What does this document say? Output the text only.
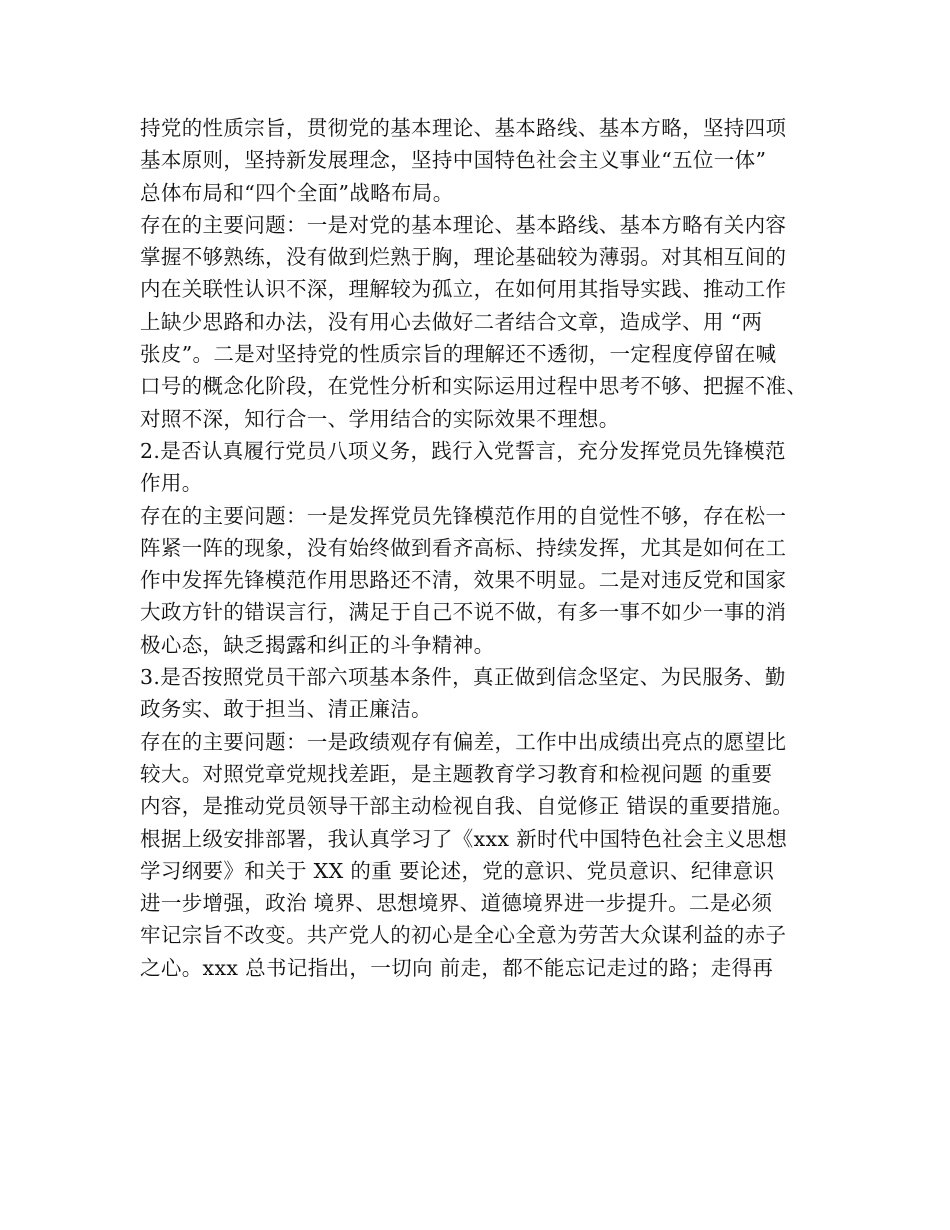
持党的性质宗旨，贯彻党的基本理论、基本路线、基本方略，坚持四项
基本原则，坚持新发展理念，坚持中国特色社会主义事业“五位一体”
总体布局和“四个全面”战略布局。
存在的主要问题：一是对党的基本理论、基本路线、基本方略有关内容
掌握不够熟练，没有做到烂熟于胸，理论基础较为薄弱。对其相互间的
内在关联性认识不深，理解较为孤立，在如何用其指导实践、推动工作
上缺少思路和办法，没有用心去做好二者结合文章，造成学、用 “两
张皮”。二是对坚持党的性质宗旨的理解还不透彻，一定程度停留在喊
口号的概念化阶段，在党性分析和实际运用过程中思考不够、把握不准、
对照不深，知行合一、学用结合的实际效果不理想。
2.是否认真履行党员八项义务，践行入党誓言，充分发挥党员先锋模范
作用。
存在的主要问题：一是发挥党员先锋模范作用的自觉性不够，存在松一
阵紧一阵的现象，没有始终做到看齐高标、持续发挥，尤其是如何在工
作中发挥先锋模范作用思路还不清，效果不明显。二是对违反党和国家
大政方针的错误言行，满足于自己不说不做，有多一事不如少一事的消
极心态，缺乏揭露和纠正的斗争精神。
3.是否按照党员干部六项基本条件，真正做到信念坚定、为民服务、勤
政务实、敢于担当、清正廉洁。
存在的主要问题：一是政绩观存有偏差，工作中出成绩出亮点的愿望比
较大。对照党章党规找差距，是主题教育学习教育和检视问题 的重要
内容，是推动党员领导干部主动检视自我、自觉修正 错误的重要措施。
根据上级安排部署，我认真学习了《xxx 新时代中国特色社会主义思想
学习纲要》和关于 XX 的重 要论述，党的意识、党员意识、纪律意识
进一步增强，政治 境界、思想境界、道德境界进一步提升。二是必须
牢记宗旨不改变。共产党人的初心是全心全意为劳苦大众谋利益的赤子
之心。xxx 总书记指出，一切向 前走，都不能忘记走过的路；走得再
